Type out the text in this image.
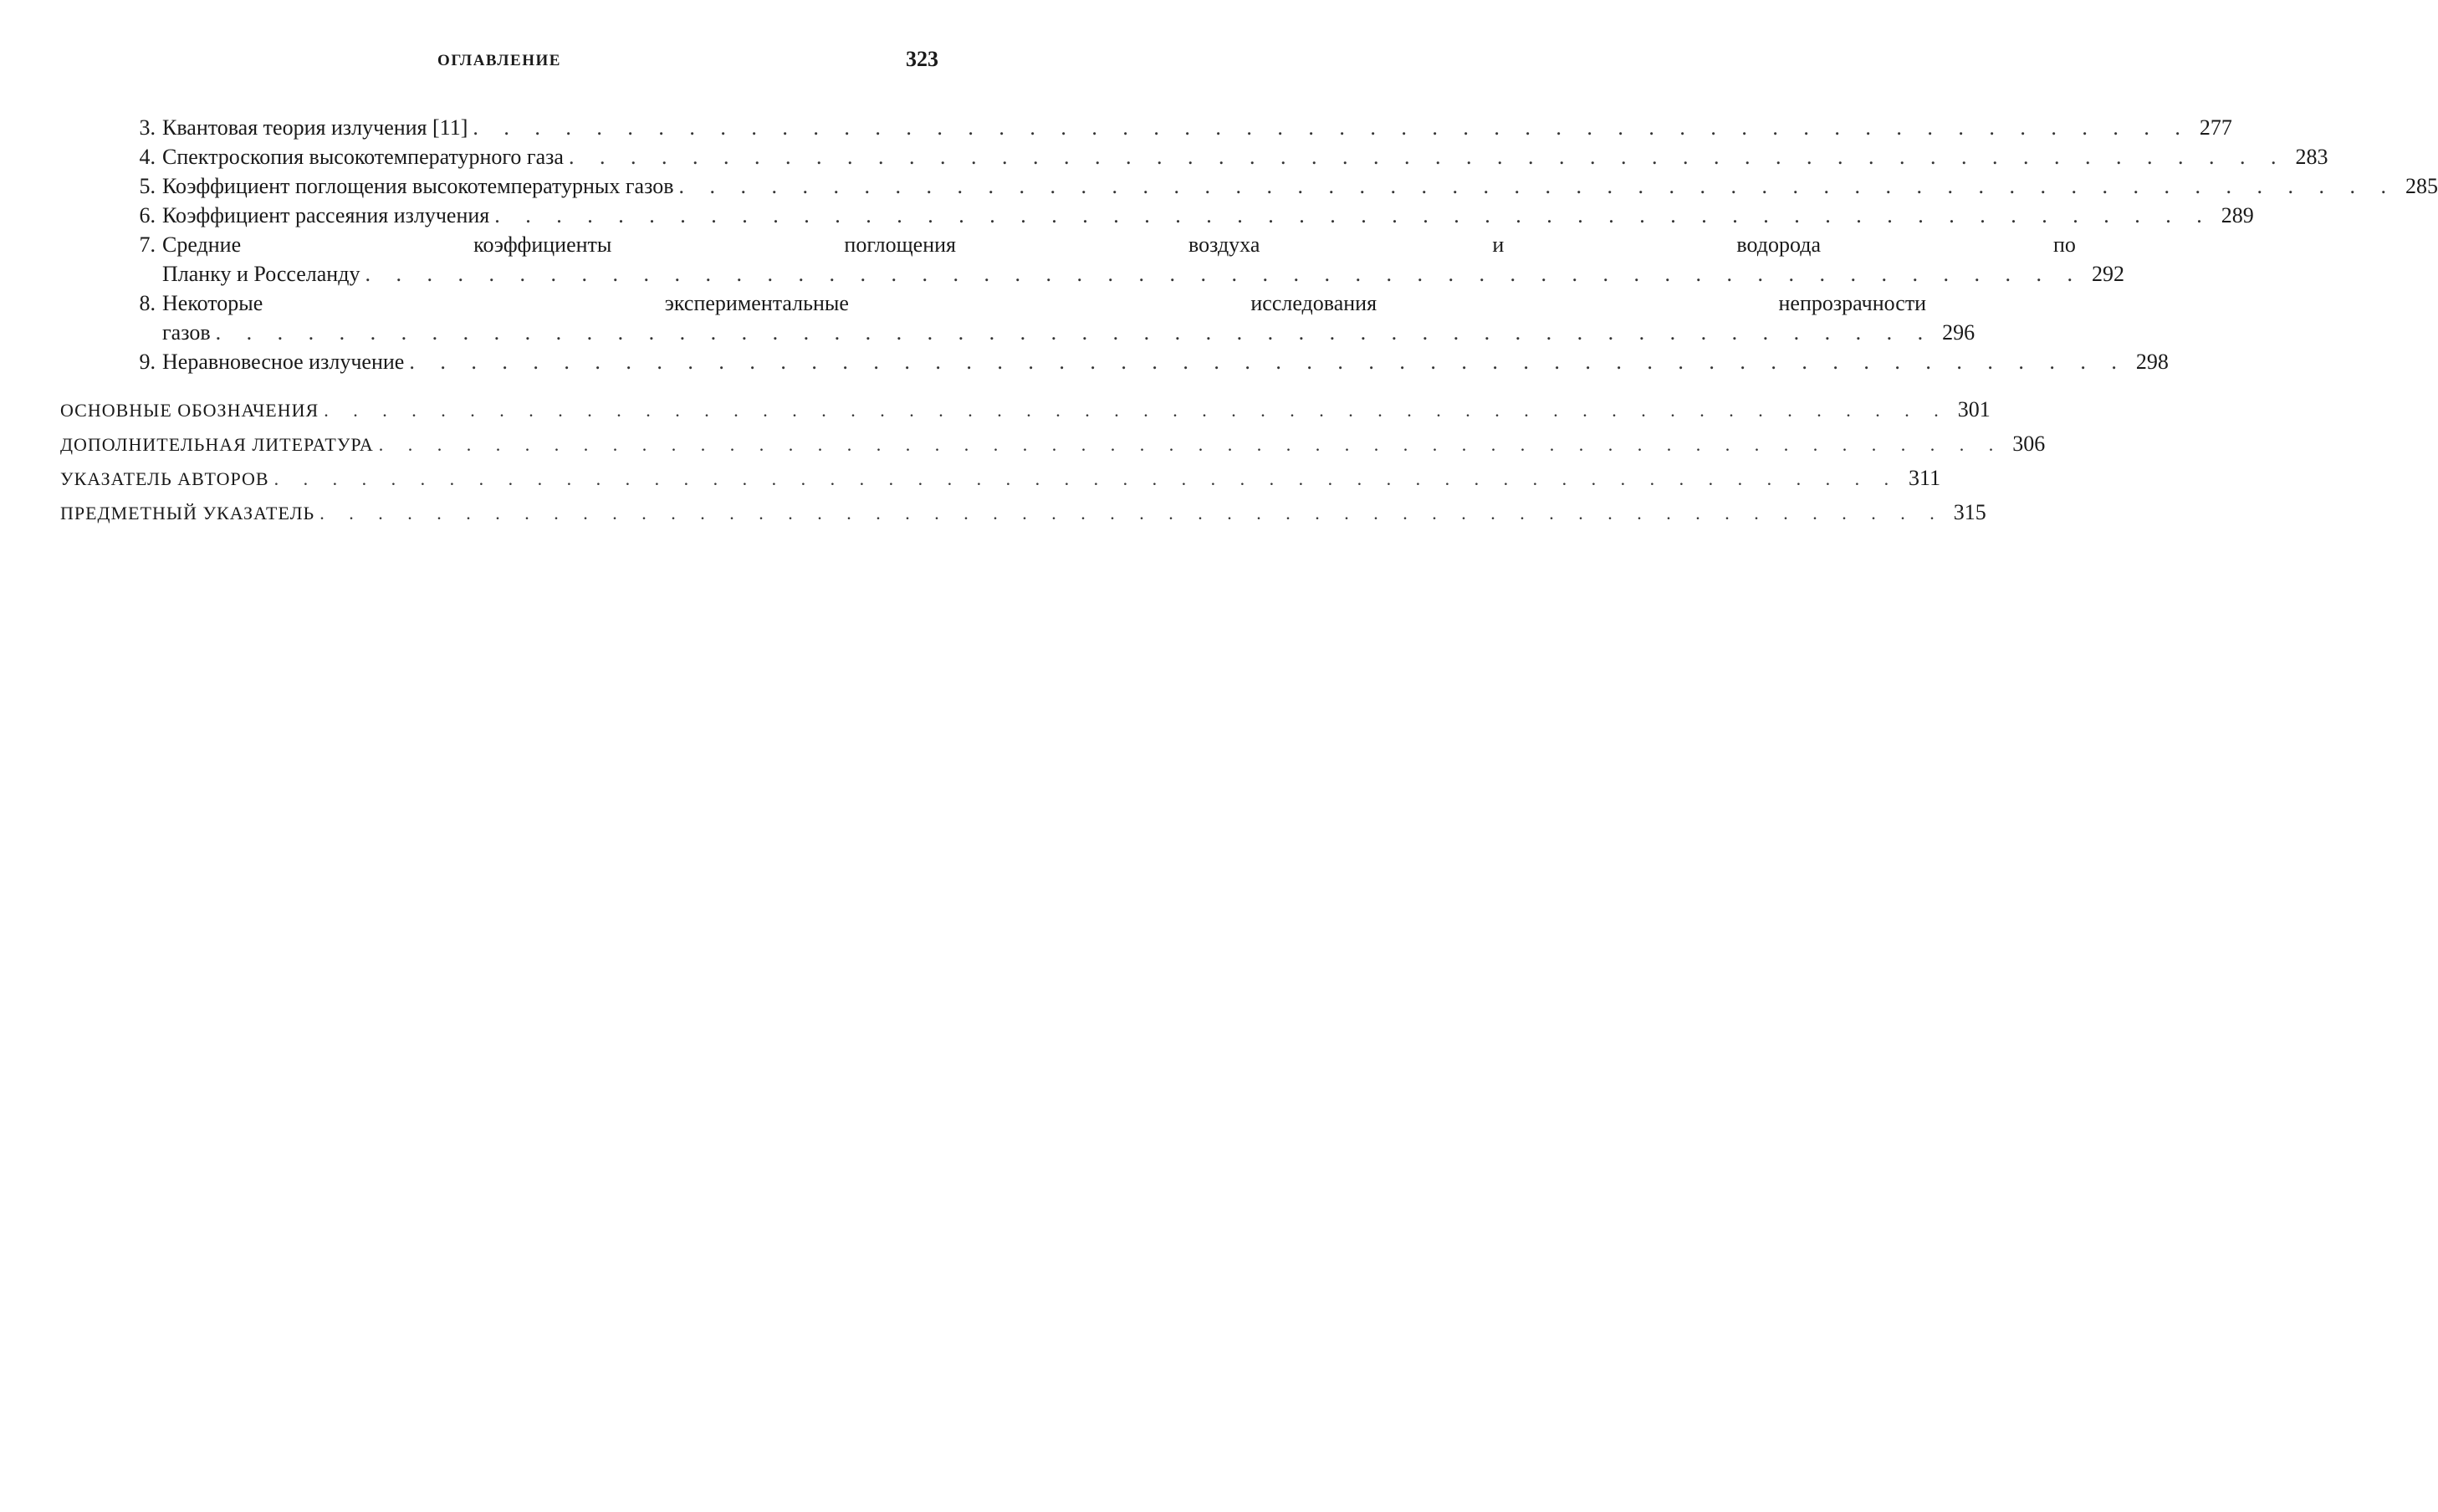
ОГЛАВЛЕНИЕ	323
3. Квантовая теория излучения [11] . . .	277
4. Спектроскопия высокотемпературного газа . . .	283
5. Коэффициент поглощения высокотемпературных газов . . .	285
6. Коэффициент рассеяния излучения . . .	289
7. Средние коэффициенты поглощения воздуха и водорода по
Планку и Росселанду . . .	292
8. Некоторые экспериментальные исследования непрозрачности
газов . . .	296
9. Неравновесное излучение . . .	298
ОСНОВНЫЕ ОБОЗНАЧЕНИЯ . . .	301
ДОПОЛНИТЕЛЬНАЯ ЛИТЕРАТУРА . . .	306
УКАЗАТЕЛЬ АВТОРОВ . . .	311
ПРЕДМЕТНЫЙ УКАЗАТЕЛЬ . . .	315
